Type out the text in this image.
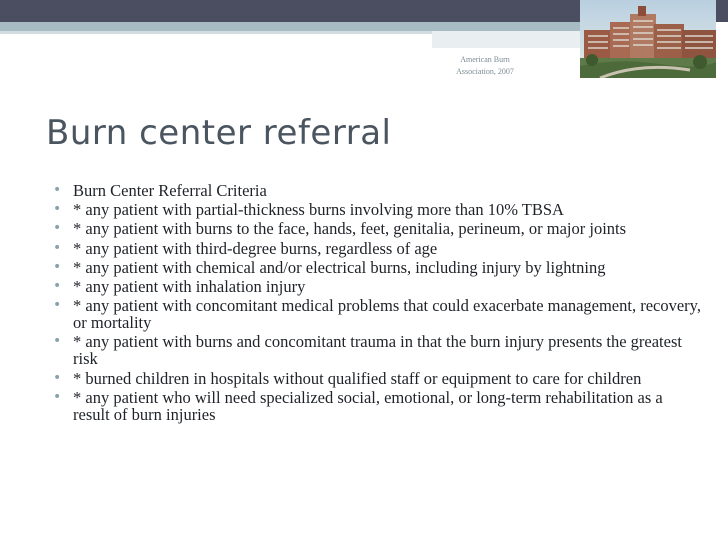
American Burn Association, 2007
Burn center referral
• Burn Center Referral Criteria
• * any patient with partial-thickness burns involving more than 10% TBSA
• * any patient with burns to the face, hands, feet, genitalia, perineum, or major joints
• * any patient with third-degree burns, regardless of age
• * any patient with chemical and/or electrical burns, including injury by lightning
• * any patient with inhalation injury
• * any patient with concomitant medical problems that could exacerbate management, recovery, or mortality
• * any patient with burns and concomitant trauma in that the burn injury presents the greatest risk
• * burned children in hospitals without qualified staff or equipment to care for children
• * any patient who will need specialized social, emotional, or long-term rehabilitation as a result of burn injuries
